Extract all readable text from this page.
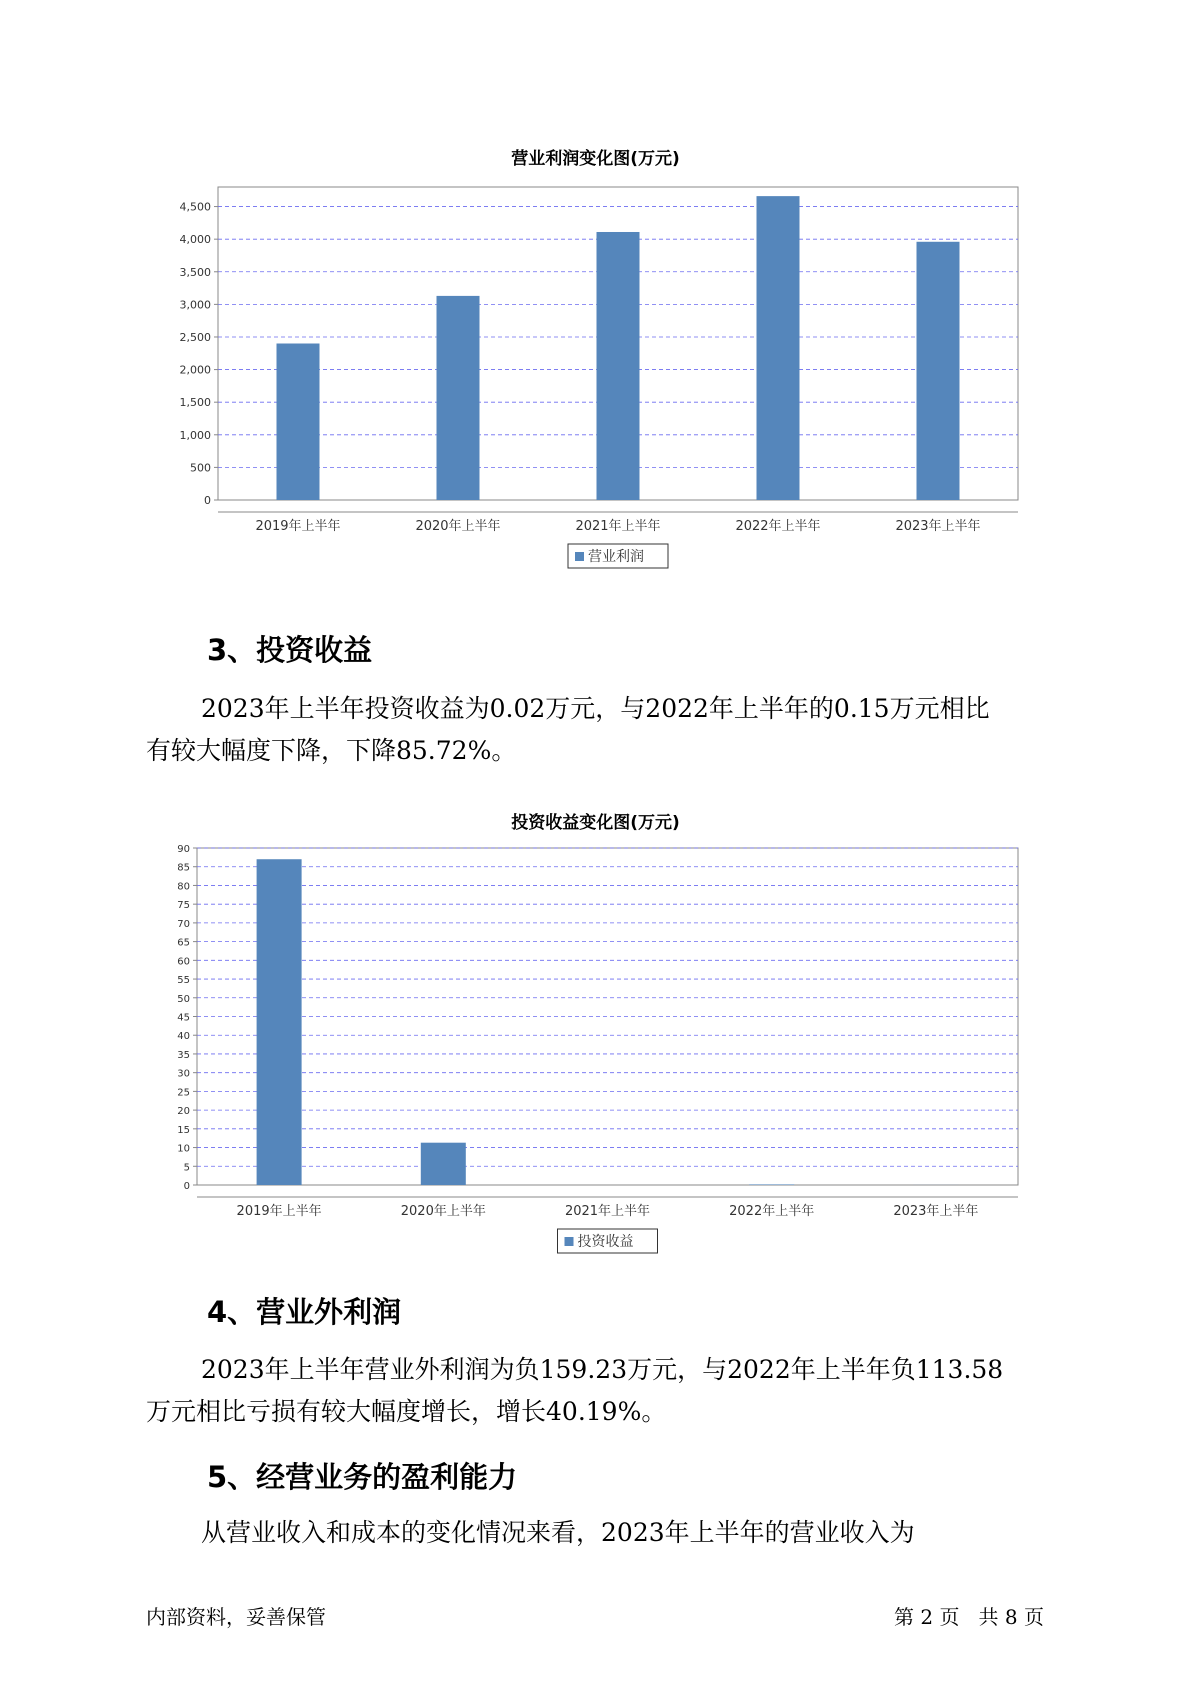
营业利润变化图(万元)
0
500
1,000
1,500
2,000
2,500
3,000
3,500
4,000
4,500
2019年上半年	2020年上半年	2021年上半年	2022年上半年	2023年上半年
营业利润
3、投资收益
2023年上半年投资收益为0.02万元，与2022年上半年的0.15万元相比
有较大幅度下降，下降85.72%。
投资收益变化图(万元)
0
5
10
15
20
25
30
35
40
45
50
55
60
65
70
75
80
85
90
2019年上半年	2020年上半年	2021年上半年	2022年上半年	2023年上半年
投资收益
4、营业外利润
2023年上半年营业外利润为负159.23万元，与2022年上半年负113.58
万元相比亏损有较大幅度增长，增长40.19%。
5、经营业务的盈利能力
从营业收入和成本的变化情况来看，2023年上半年的营业收入为
内部资料，妥善保管	第 2 页   共 8 页
